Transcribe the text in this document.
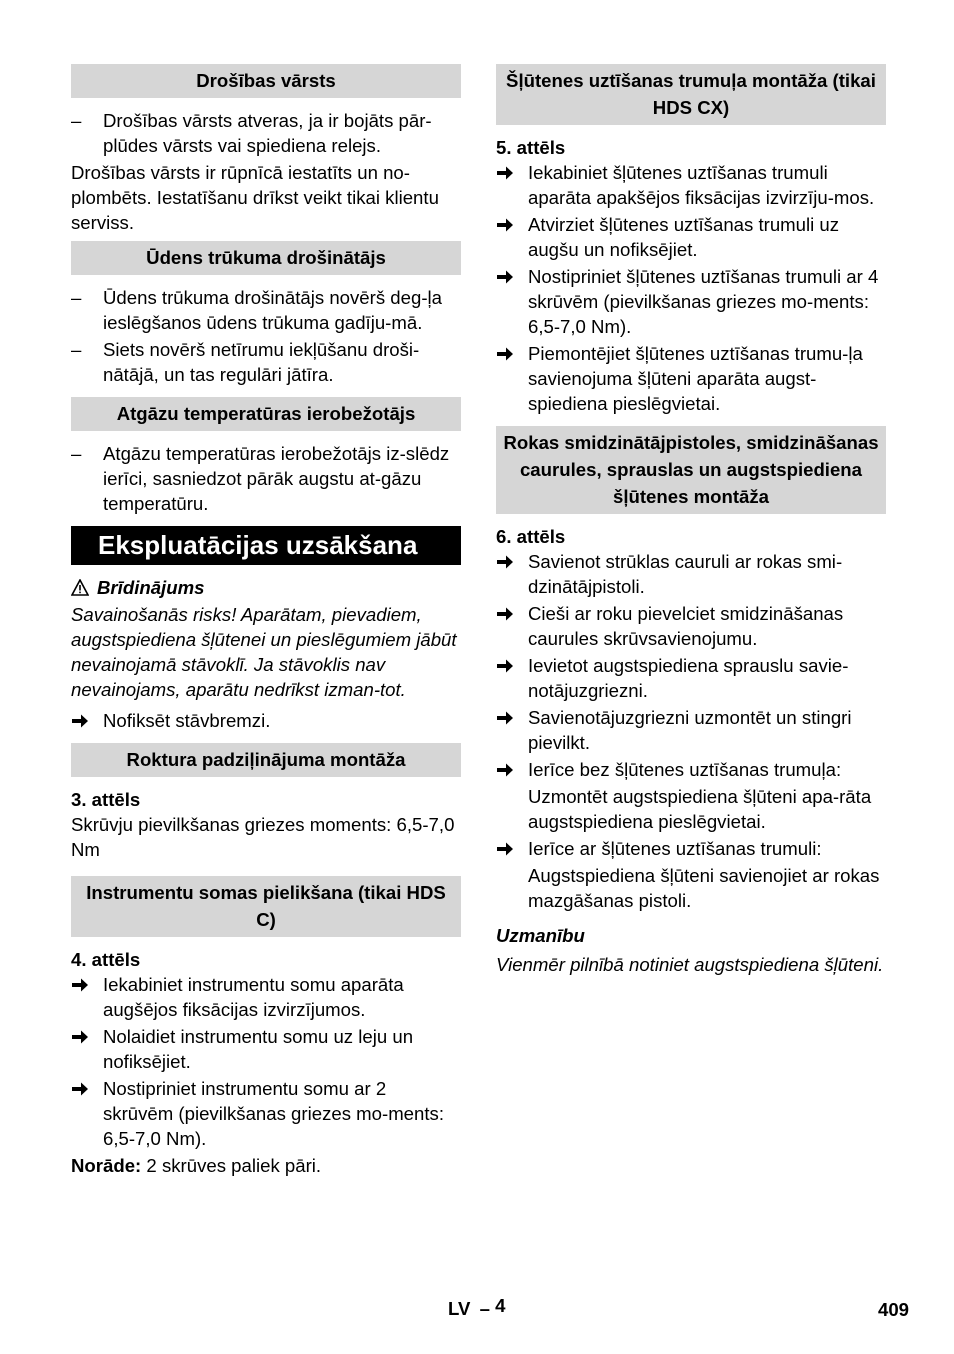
Drošības vārsts
– Drošības vārsts atveras, ja ir bojāts pār-plūdes vārsts vai spiediena relejs.

Drošības vārsts ir rūpnīcā iestatīts un no-plombēts. Iestatīšanu drīkst veikt tikai klientu serviss.

Ūdens trūkuma drošinātājs
– Ūdens trūkuma drošinātājs novērš deg-ļa ieslēgšanos ūdens trūkuma gadīju-mā.
– Siets novērš netīrumu iekļūšanu droši-nātājā, un tas regulāri jātīra.
Atgāzu temperatūras ierobežotājs
– Atgāzu temperatūras ierobežotājs iz-slēdz ierīci, sasniedzot pārāk augstu at-gāzu temperatūru.
Ekspluatācijas uzsākšana
Brīdinājums

Savainošanās risks! Aparātam, pievadiem, augstspiediena šļūtenei un pieslēgumiem jābūt nevainojamā stāvoklī. Ja stāvoklis nav nevainojams, aparātu nedrīkst izman-tot.

Nofiksēt stāvbremzi.
Roktura padziļinājuma montāža

3. attēls

Skrūvju pievilkšanas griezes moments: 6,5-7,0 Nm

Instrumentu somas pielikšana (tikai HDS C)

4. attēls

Iekabiniet instrumentu somu aparāta augšējos fiksācijas izvirzījumos.
Nolaidiet instrumentu somu uz leju un nofiksējiet.
Nostipriniet instrumentu somu ar 2 skrūvēm (pievilkšanas griezes mo-ments: 6,5-7,0 Nm).

Norāde: 2 skrūves paliek pāri.

Šļūtenes uztīšanas trumuļa montāža (tikai HDS CX)

5. attēls

Iekabiniet šļūtenes uztīšanas trumuli aparāta apakšējos fiksācijas izvirzīju-mos.
Atvirziet šļūtenes uztīšanas trumuli uz augšu un nofiksējiet.
Nostipriniet šļūtenes uztīšanas trumuli ar 4 skrūvēm (pievilkšanas griezes mo-ments: 6,5-7,0 Nm).
Piemontējiet šļūtenes uztīšanas trumu-ļa savienojuma šļūteni aparāta augst-spiediena pieslēgvietai.
Rokas smidzinātājpistoles, smidzināšanas caurules, sprauslas un augstspiediena šļūtenes montāža

6. attēls

Savienot strūklas cauruli ar rokas smi-dzinātājpistoli.
Cieši ar roku pievelciet smidzināšanas caurules skrūvsavienojumu.
Ievietot augstspiediena sprauslu savie-notājuzgriezni.
Savienotājuzgriezni uzmontēt un stingri pievilkt.
Ierīce bez šļūtenes uztīšanas trumuļa:
Uzmontēt augstspiediena šļūteni apa-rāta augstspiediena pieslēgvietai.
Ierīce ar šļūtenes uztīšanas trumuli:
Augstspiediena šļūteni savienojiet ar rokas mazgāšanas pistoli.

Uzmanību

Vienmēr pilnībā notiniet augstspiediena šļūteni.

LV – 4	409
